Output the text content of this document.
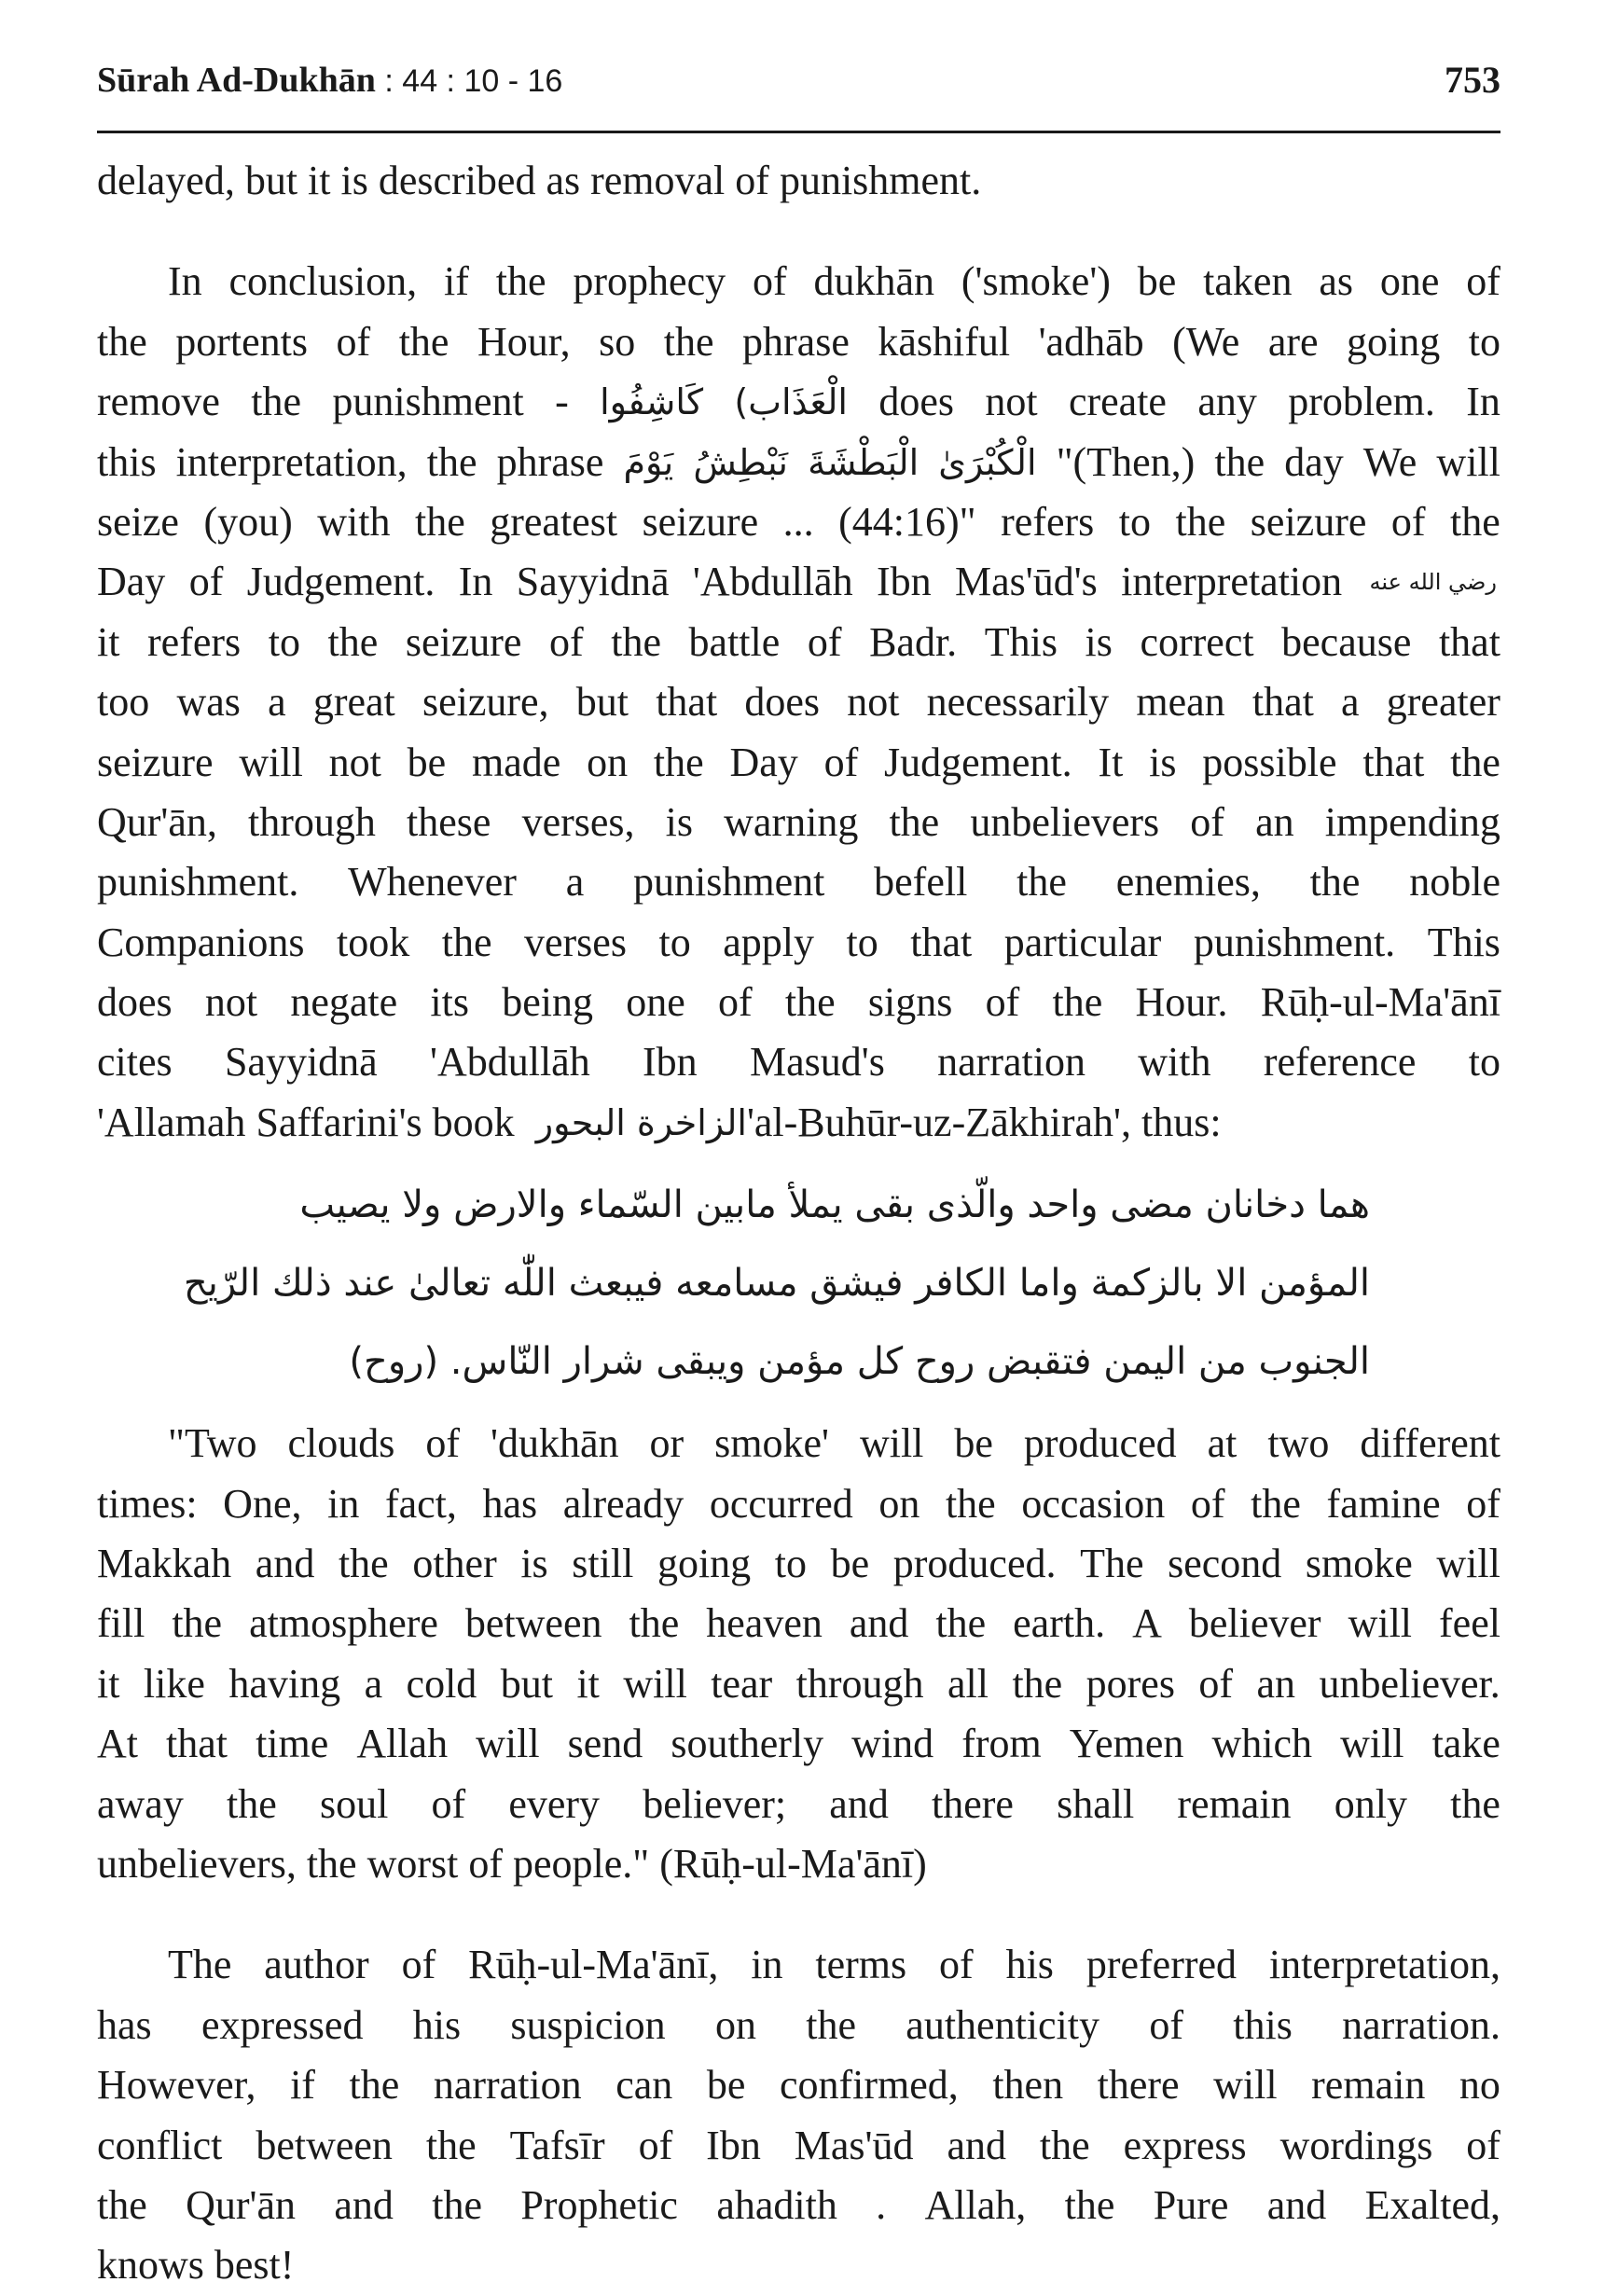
Sūrah Ad-Dukhān : 44 : 10 - 16	753
delayed, but it is described as removal of punishment.
In conclusion, if the prophecy of dukhān ('smoke') be taken as one of
the portents of the Hour, so the phrase kāshiful 'adhāb (We are going to
remove the punishment - كَاشِفُوا الْعَذَاب) does not create any problem. In
this interpretation, the phrase يَوْمَ نَبْطِشُ الْبَطْشَةَ الْكُبْرَىٰ "(Then,) the day We will
seize (you) with the greatest seizure ... (44:16)" refers to the seizure of the
Day of Judgement. In Sayyidnā 'Abdullāh Ibn Mas'ūd's interpretation رضي الله عنه
it refers to the seizure of the battle of Badr. This is correct because that
too was a great seizure, but that does not necessarily mean that a greater
seizure will not be made on the Day of Judgement. It is possible that the
Qur'ān, through these verses, is warning the unbelievers of an impending
punishment. Whenever a punishment befell the enemies, the noble
Companions took the verses to apply to that particular punishment. This
does not negate its being one of the signs of the Hour. Rūḥ-ul-Ma'ānī
cites Sayyidnā 'Abdullāh Ibn Masud's narration with reference to
'Allamah Saffarini's book البحور الزاخرة 'al-Buhūr-uz-Zākhirah', thus:
هما دخانان مضى واحد والّذى بقى يملأ مابين السّماء والارض ولا يصيب
المؤمن الا بالزكمة واما الكافر فيشق مسامعه فيبعث اللّٰه تعالىٰ عند ذلك الرّيح
الجنوب من اليمن فتقبض روح كل مؤمن ويبقى شرار النّاس. (روح)
"Two clouds of 'dukhān or smoke' will be produced at two different
times: One, in fact, has already occurred on the occasion of the famine of
Makkah and the other is still going to be produced. The second smoke will
fill the atmosphere between the heaven and the earth. A believer will feel
it like having a cold but it will tear through all the pores of an unbeliever.
At that time Allah will send southerly wind from Yemen which will take
away the soul of every believer; and there shall remain only the
unbelievers, the worst of people." (Rūḥ-ul-Ma'ānī)
The author of Rūḥ-ul-Ma'ānī, in terms of his preferred interpretation,
has expressed his suspicion on the authenticity of this narration.
However, if the narration can be confirmed, then there will remain no
conflict between the Tafsīr of Ibn Mas'ūd and the express wordings of
the Qur'ān and the Prophetic ahadith . Allah, the Pure and Exalted,
knows best!
